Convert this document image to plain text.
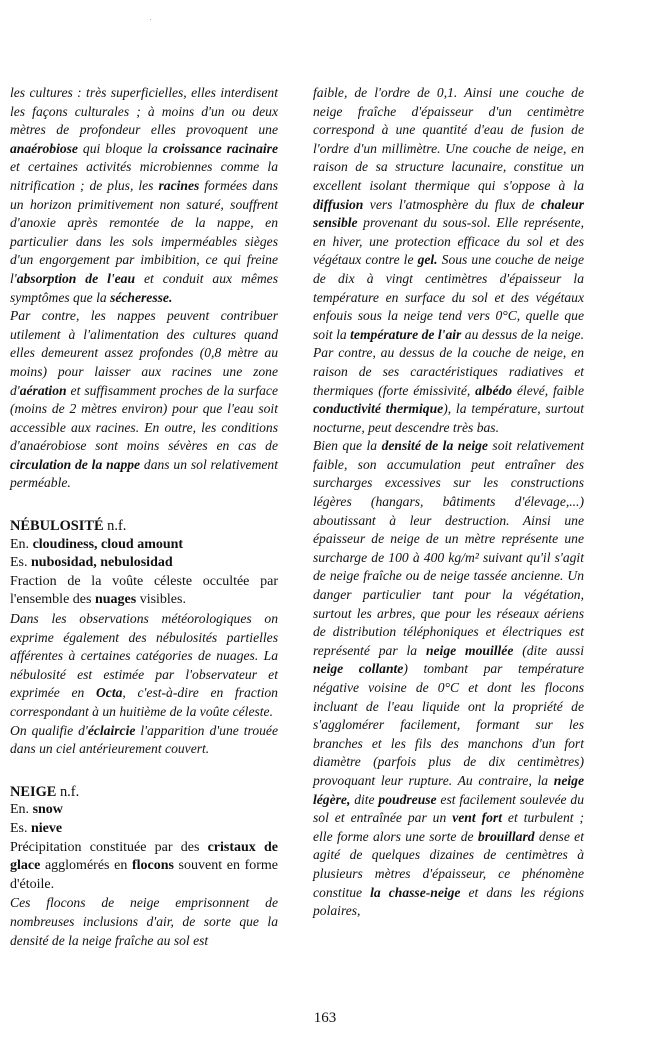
les cultures : très superficielles, elles interdisent les façons culturales ; à moins d'un ou deux mètres de profondeur elles provoquent une anaérobiose qui bloque la croissance racinaire et certaines activités microbiennes comme la nitrification ; de plus, les racines formées dans un horizon primitivement non saturé, souffrent d'anoxie après remontée de la nappe, en particulier dans les sols imperméables sièges d'un engorgement par imbibition, ce qui freine l'absorption de l'eau et conduit aux mêmes symptômes que la sécheresse.

Par contre, les nappes peuvent contribuer utilement à l'alimentation des cultures quand elles demeurent assez profondes (0,8 mètre au moins) pour laisser aux racines une zone d'aération et suffisamment proches de la surface (moins de 2 mètres environ) pour que l'eau soit accessible aux racines. En outre, les conditions d'anaérobiose sont moins sévères en cas de circulation de la nappe dans un sol relativement perméable.

NÉBULOSITÉ n.f.
En. cloudiness, cloud amount
Es. nubosidad, nebulosidad

Fraction de la voûte céleste occultée par l'ensemble des nuages visibles.

Dans les observations météorologiques on exprime également des nébulosités partielles afférentes à certaines catégories de nuages. La nébulosité est estimée par l'observateur et exprimée en Octa, c'est-à-dire en fraction correspondant à un huitième de la voûte céleste.

On qualifie d'éclaircie l'apparition d'une trouée dans un ciel antérieurement couvert.

NEIGE n.f.
En. snow
Es. nieve

Précipitation constituée par des cristaux de glace agglomérés en flocons souvent en forme d'étoile.

Ces flocons de neige emprisonnent de nombreuses inclusions d'air, de sorte que la densité de la neige fraîche au sol est

faible, de l'ordre de 0,1. Ainsi une couche de neige fraîche d'épaisseur d'un centimètre correspond à une quantité d'eau de fusion de l'ordre d'un millimètre. Une couche de neige, en raison de sa structure lacunaire, constitue un excellent isolant thermique qui s'oppose à la diffusion vers l'atmosphère du flux de chaleur sensible provenant du sous-sol. Elle représente, en hiver, une protection efficace du sol et des végétaux contre le gel. Sous une couche de neige de dix à vingt centimètres d'épaisseur la température en surface du sol et des végétaux enfouis sous la neige tend vers 0°C, quelle que soit la température de l'air au dessus de la neige. Par contre, au dessus de la couche de neige, en raison de ses caractéristiques radiatives et thermiques (forte émissivité, albédo élevé, faible conductivité thermique), la température, surtout nocturne, peut descendre très bas.

Bien que la densité de la neige soit relativement faible, son accumulation peut entraîner des surcharges excessives sur les constructions légères (hangars, bâtiments d'élevage,...) aboutissant à leur destruction. Ainsi une épaisseur de neige de un mètre représente une surcharge de 100 à 400 kg/m² suivant qu'il s'agit de neige fraîche ou de neige tassée ancienne. Un danger particulier tant pour la végétation, surtout les arbres, que pour les réseaux aériens de distribution téléphoniques et électriques est représenté par la neige mouillée (dite aussi neige collante) tombant par température négative voisine de 0°C et dont les flocons incluant de l'eau liquide ont la propriété de s'agglomérer facilement, formant sur les branches et les fils des manchons d'un fort diamètre (parfois plus de dix centimètres) provoquant leur rupture. Au contraire, la neige légère, dite poudreuse est facilement soulevée du sol et entraînée par un vent fort et turbulent ; elle forme alors une sorte de brouillard dense et agité de quelques dizaines de centimètres à plusieurs mètres d'épaisseur, ce phénomène constitue la chasse-neige et dans les régions polaires,

163
